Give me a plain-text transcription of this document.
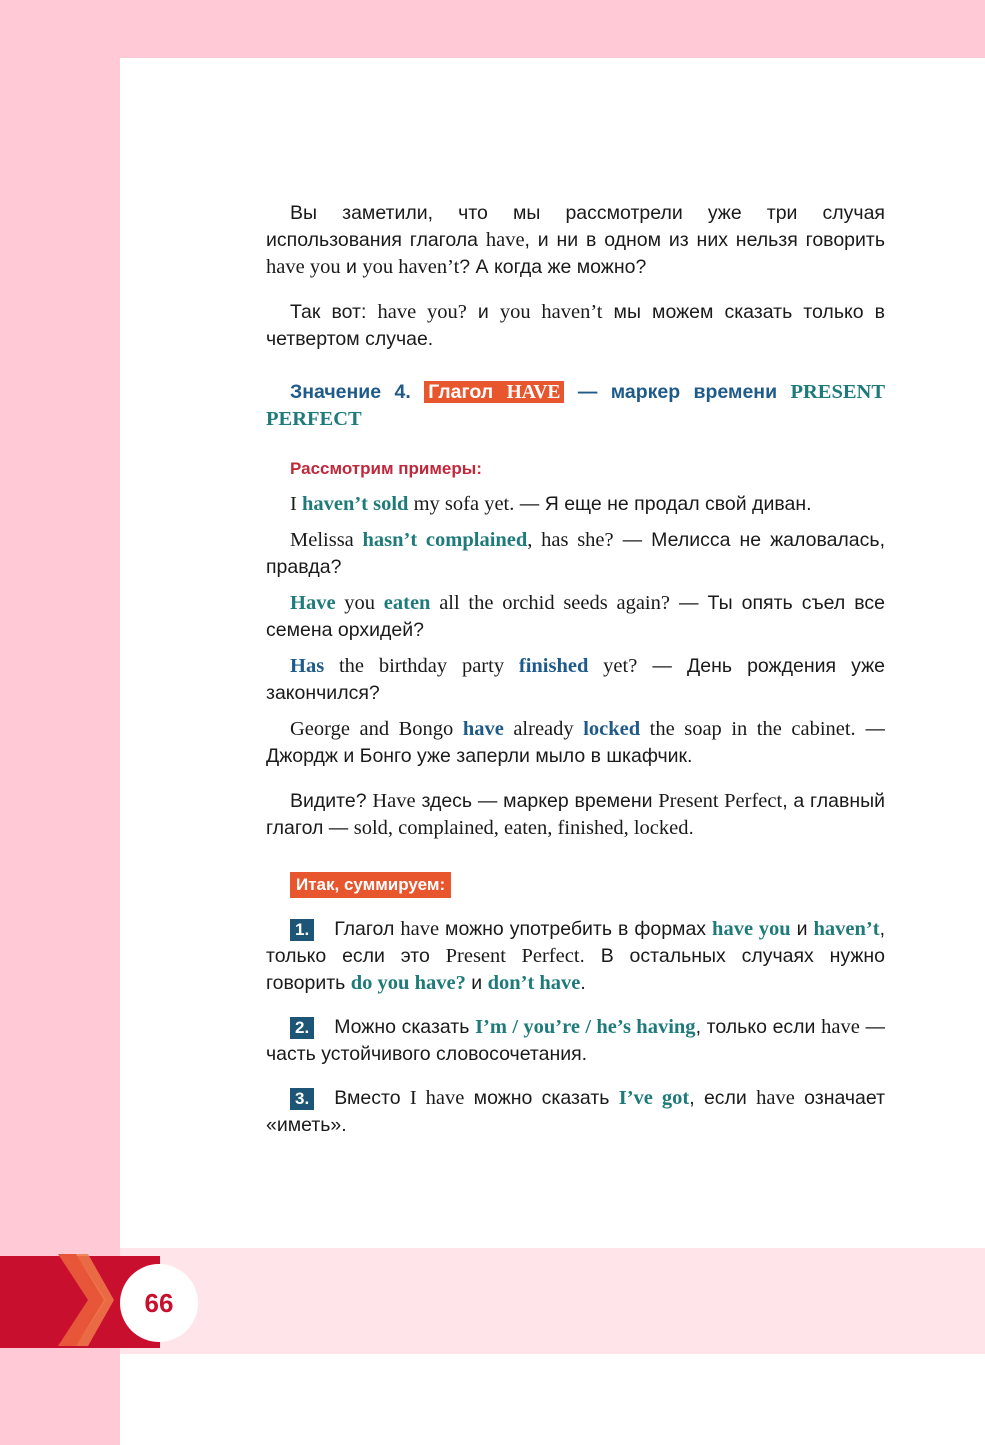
66

Вы заметили, что мы рассмотрели уже три случая использования глагола have, и ни в одном из них нельзя говорить have you и you haven’t? А когда же можно?

Так вот: have you? и you haven’t мы можем сказать только в четвертом случае.

Значение 4. Глагол HAVE — маркер времени PRESENT PERFECT
Рассмотрим примеры:

I haven’t sold my sofa yet. — Я еще не продал свой диван.

Melissa hasn’t complained, has she? — Мелисса не жаловалась, правда?

Have you eaten all the orchid seeds again? — Ты опять съел все семена орхидей?

Has the birthday party finished yet? — День рождения уже закончился?

George and Bongo have already locked the soap in the cabinet. — Джордж и Бонго уже заперли мыло в шкафчик.

Видите? Have здесь — маркер времени Present Perfect, а главный глагол — sold, complained, eaten, finished, locked.

Итак, суммируем:

1. Глагол have можно употребить в формах have you и haven’t, только если это Present Perfect. В остальных случаях нужно говорить do you have? и don’t have.

2. Можно сказать I’m / you’re / he’s having, только если have — часть устойчивого словосочетания.

3. Вместо I have можно сказать I’ve got, если have означает «иметь».
